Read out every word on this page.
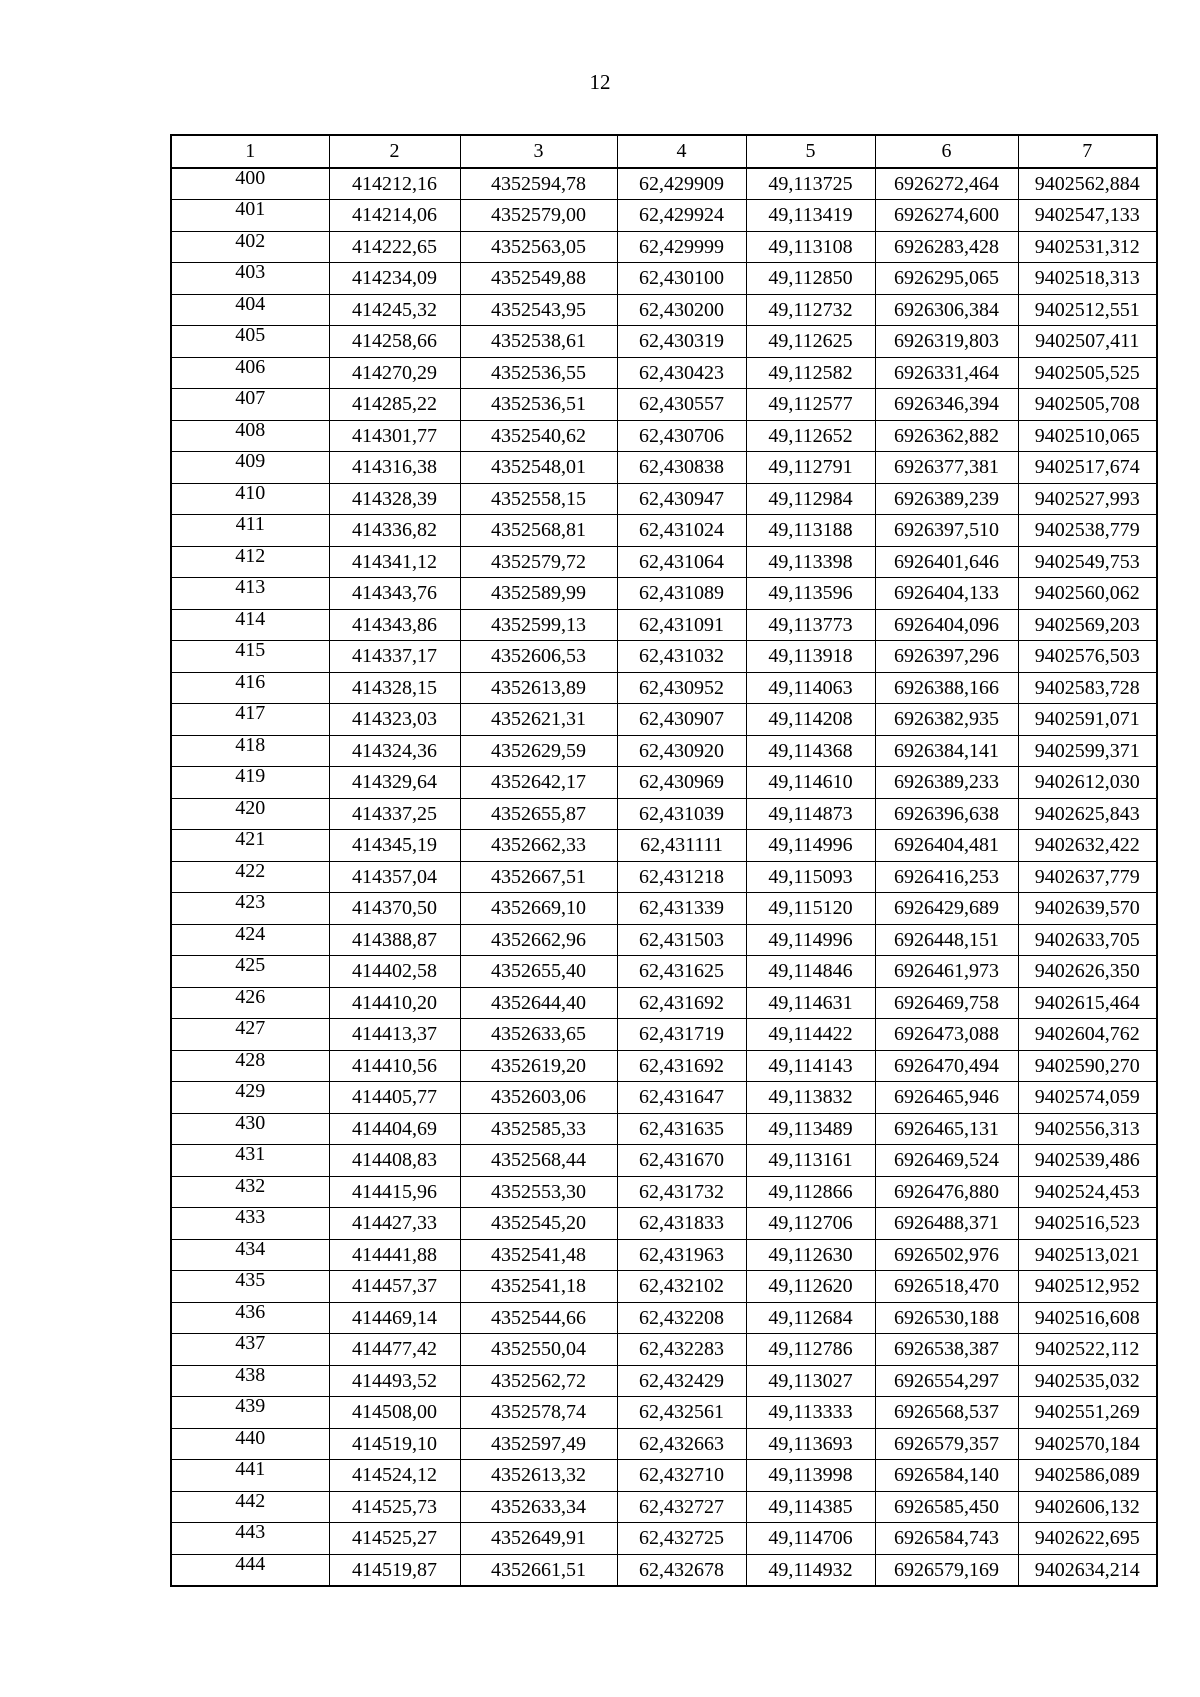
12
1	2	3	4	5	6	7
400	414212,16	4352594,78	62,429909	49,113725	6926272,464	9402562,884
401	414214,06	4352579,00	62,429924	49,113419	6926274,600	9402547,133
402	414222,65	4352563,05	62,429999	49,113108	6926283,428	9402531,312
403	414234,09	4352549,88	62,430100	49,112850	6926295,065	9402518,313
404	414245,32	4352543,95	62,430200	49,112732	6926306,384	9402512,551
405	414258,66	4352538,61	62,430319	49,112625	6926319,803	9402507,411
406	414270,29	4352536,55	62,430423	49,112582	6926331,464	9402505,525
407	414285,22	4352536,51	62,430557	49,112577	6926346,394	9402505,708
408	414301,77	4352540,62	62,430706	49,112652	6926362,882	9402510,065
409	414316,38	4352548,01	62,430838	49,112791	6926377,381	9402517,674
410	414328,39	4352558,15	62,430947	49,112984	6926389,239	9402527,993
411	414336,82	4352568,81	62,431024	49,113188	6926397,510	9402538,779
412	414341,12	4352579,72	62,431064	49,113398	6926401,646	9402549,753
413	414343,76	4352589,99	62,431089	49,113596	6926404,133	9402560,062
414	414343,86	4352599,13	62,431091	49,113773	6926404,096	9402569,203
415	414337,17	4352606,53	62,431032	49,113918	6926397,296	9402576,503
416	414328,15	4352613,89	62,430952	49,114063	6926388,166	9402583,728
417	414323,03	4352621,31	62,430907	49,114208	6926382,935	9402591,071
418	414324,36	4352629,59	62,430920	49,114368	6926384,141	9402599,371
419	414329,64	4352642,17	62,430969	49,114610	6926389,233	9402612,030
420	414337,25	4352655,87	62,431039	49,114873	6926396,638	9402625,843
421	414345,19	4352662,33	62,431111	49,114996	6926404,481	9402632,422
422	414357,04	4352667,51	62,431218	49,115093	6926416,253	9402637,779
423	414370,50	4352669,10	62,431339	49,115120	6926429,689	9402639,570
424	414388,87	4352662,96	62,431503	49,114996	6926448,151	9402633,705
425	414402,58	4352655,40	62,431625	49,114846	6926461,973	9402626,350
426	414410,20	4352644,40	62,431692	49,114631	6926469,758	9402615,464
427	414413,37	4352633,65	62,431719	49,114422	6926473,088	9402604,762
428	414410,56	4352619,20	62,431692	49,114143	6926470,494	9402590,270
429	414405,77	4352603,06	62,431647	49,113832	6926465,946	9402574,059
430	414404,69	4352585,33	62,431635	49,113489	6926465,131	9402556,313
431	414408,83	4352568,44	62,431670	49,113161	6926469,524	9402539,486
432	414415,96	4352553,30	62,431732	49,112866	6926476,880	9402524,453
433	414427,33	4352545,20	62,431833	49,112706	6926488,371	9402516,523
434	414441,88	4352541,48	62,431963	49,112630	6926502,976	9402513,021
435	414457,37	4352541,18	62,432102	49,112620	6926518,470	9402512,952
436	414469,14	4352544,66	62,432208	49,112684	6926530,188	9402516,608
437	414477,42	4352550,04	62,432283	49,112786	6926538,387	9402522,112
438	414493,52	4352562,72	62,432429	49,113027	6926554,297	9402535,032
439	414508,00	4352578,74	62,432561	49,113333	6926568,537	9402551,269
440	414519,10	4352597,49	62,432663	49,113693	6926579,357	9402570,184
441	414524,12	4352613,32	62,432710	49,113998	6926584,140	9402586,089
442	414525,73	4352633,34	62,432727	49,114385	6926585,450	9402606,132
443	414525,27	4352649,91	62,432725	49,114706	6926584,743	9402622,695
444	414519,87	4352661,51	62,432678	49,114932	6926579,169	9402634,214
